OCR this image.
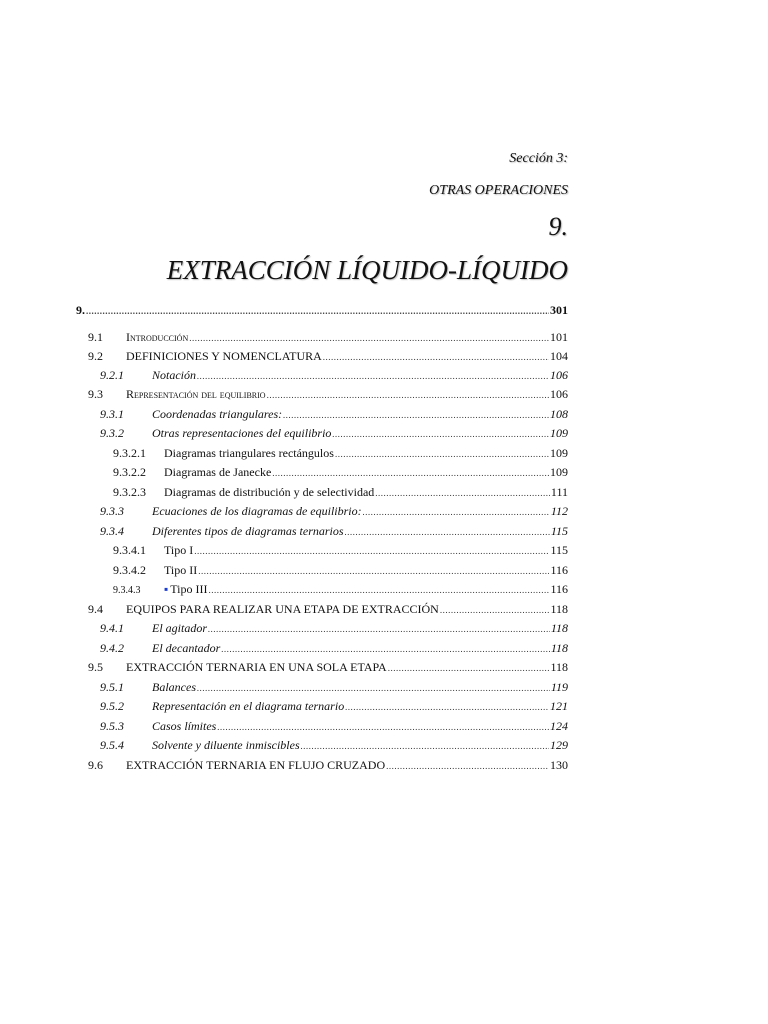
Sección 3:
OTRAS OPERACIONES
9.
EXTRACCIÓN LÍQUIDO-LÍQUIDO
9. .....	301
9.1	Introducción .....	101
9.2	DEFINICIONES Y NOMENCLATURA .....	104
9.2.1	Notación .....	106
9.3	Representación del equilibrio .....	106
9.3.1	Coordenadas triangulares: .....	108
9.3.2	Otras representaciones del equilibrio .....	109
9.3.2.1	Diagramas triangulares rectángulos .....	109
9.3.2.2	Diagramas de Janecke .....	109
9.3.2.3	Diagramas de distribución y de selectividad .....	111
9.3.3	Ecuaciones de los diagramas de equilibrio: .....	112
9.3.4	Diferentes tipos de diagramas ternarios .....	115
9.3.4.1	Tipo I .....	115
9.3.4.2	Tipo II .....	116
9.3.4.3	▪ Tipo III .....	116
9.4	EQUIPOS PARA REALIZAR UNA ETAPA DE EXTRACCIÓN .....	118
9.4.1	El agitador .....	118
9.4.2	El decantador .....	118
9.5	EXTRACCIÓN TERNARIA EN UNA SOLA ETAPA .....	118
9.5.1	Balances .....	119
9.5.2	Representación en el diagrama ternario .....	121
9.5.3	Casos límites .....	124
9.5.4	Solvente y diluente inmiscibles .....	129
9.6	EXTRACCIÓN TERNARIA EN FLUJO CRUZADO .....	130
